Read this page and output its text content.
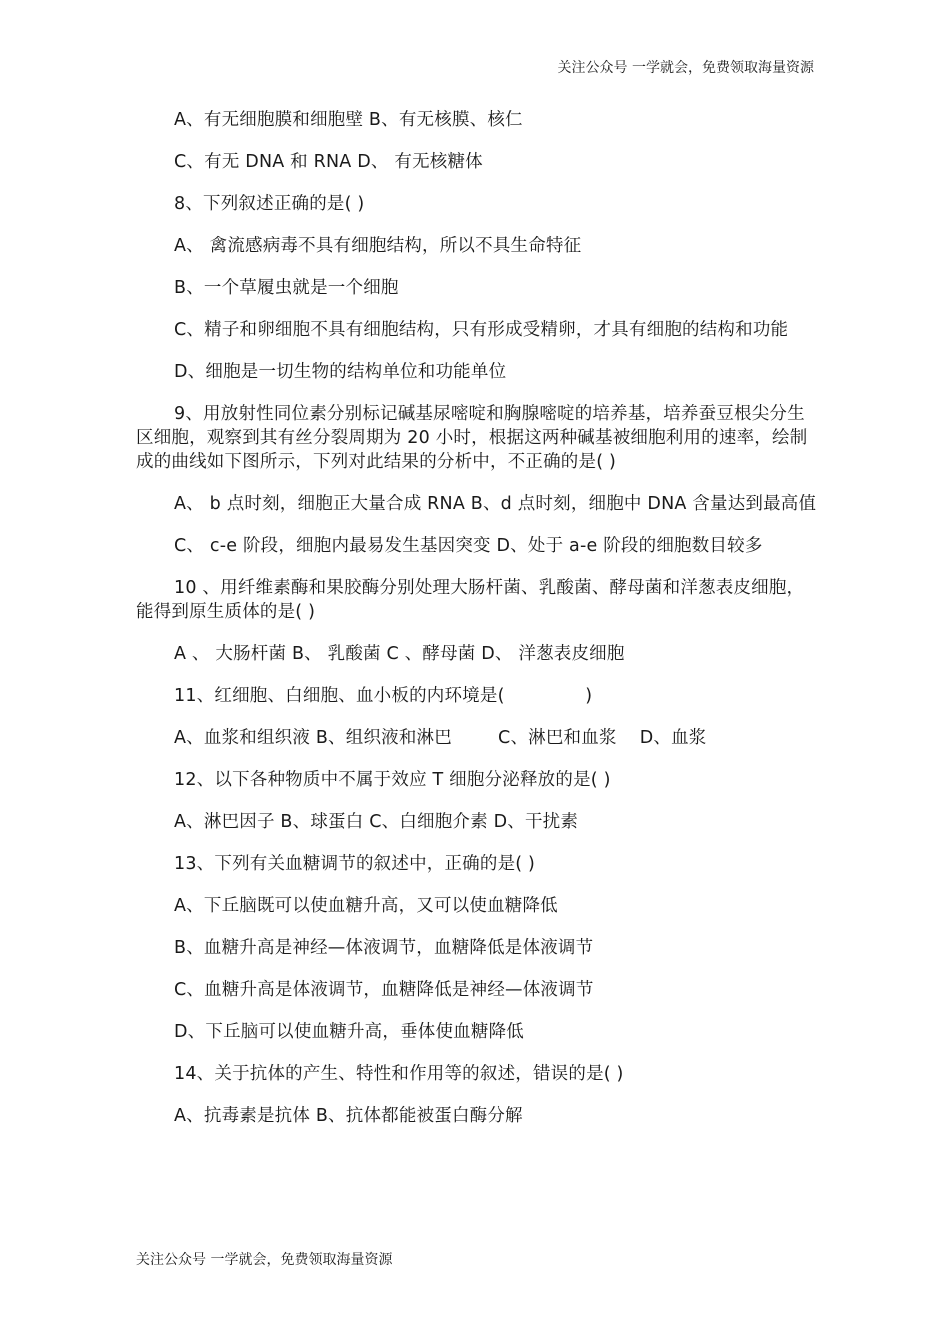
关注公众号 一学就会，免费领取海量资源

A、有无细胞膜和细胞壁 B、有无核膜、核仁

C、有无 DNA 和 RNA D、 有无核糖体

8、下列叙述正确的是( )

A、 禽流感病毒不具有细胞结构，所以不具生命特征

B、一个草履虫就是一个细胞

C、精子和卵细胞不具有细胞结构，只有形成受精卵，才具有细胞的结构和功能

D、细胞是一切生物的结构单位和功能单位

9、用放射性同位素分别标记碱基尿嘧啶和胸腺嘧啶的培养基，培养蚕豆根尖分生区细胞，观察到其有丝分裂周期为 20 小时，根据这两种碱基被细胞利用的速率，绘制成的曲线如下图所示，下列对此结果的分析中，不正确的是( )

A、 b 点时刻，细胞正大量合成 RNA B、d 点时刻，细胞中 DNA 含量达到最高值

C、 c-e 阶段，细胞内最易发生基因突变 D、处于 a-e 阶段的细胞数目较多

10 、用纤维素酶和果胶酶分别处理大肠杆菌、乳酸菌、酵母菌和洋葱表皮细胞，能得到原生质体的是( )

A 、 大肠杆菌 B、 乳酸菌 C 、酵母菌 D、 洋葱表皮细胞

11、红细胞、白细胞、血小板的内环境是(              )

A、血浆和组织液 B、组织液和淋巴        C、淋巴和血浆    D、血浆

12、以下各种物质中不属于效应 T 细胞分泌释放的是( )

A、淋巴因子 B、球蛋白 C、白细胞介素 D、干扰素

13、下列有关血糖调节的叙述中，正确的是( )

A、下丘脑既可以使血糖升高，又可以使血糖降低

B、血糖升高是神经—体液调节，血糖降低是体液调节

C、血糖升高是体液调节，血糖降低是神经—体液调节

D、下丘脑可以使血糖升高，垂体使血糖降低

14、关于抗体的产生、特性和作用等的叙述，错误的是( )

A、抗毒素是抗体 B、抗体都能被蛋白酶分解

关注公众号 一学就会，免费领取海量资源
